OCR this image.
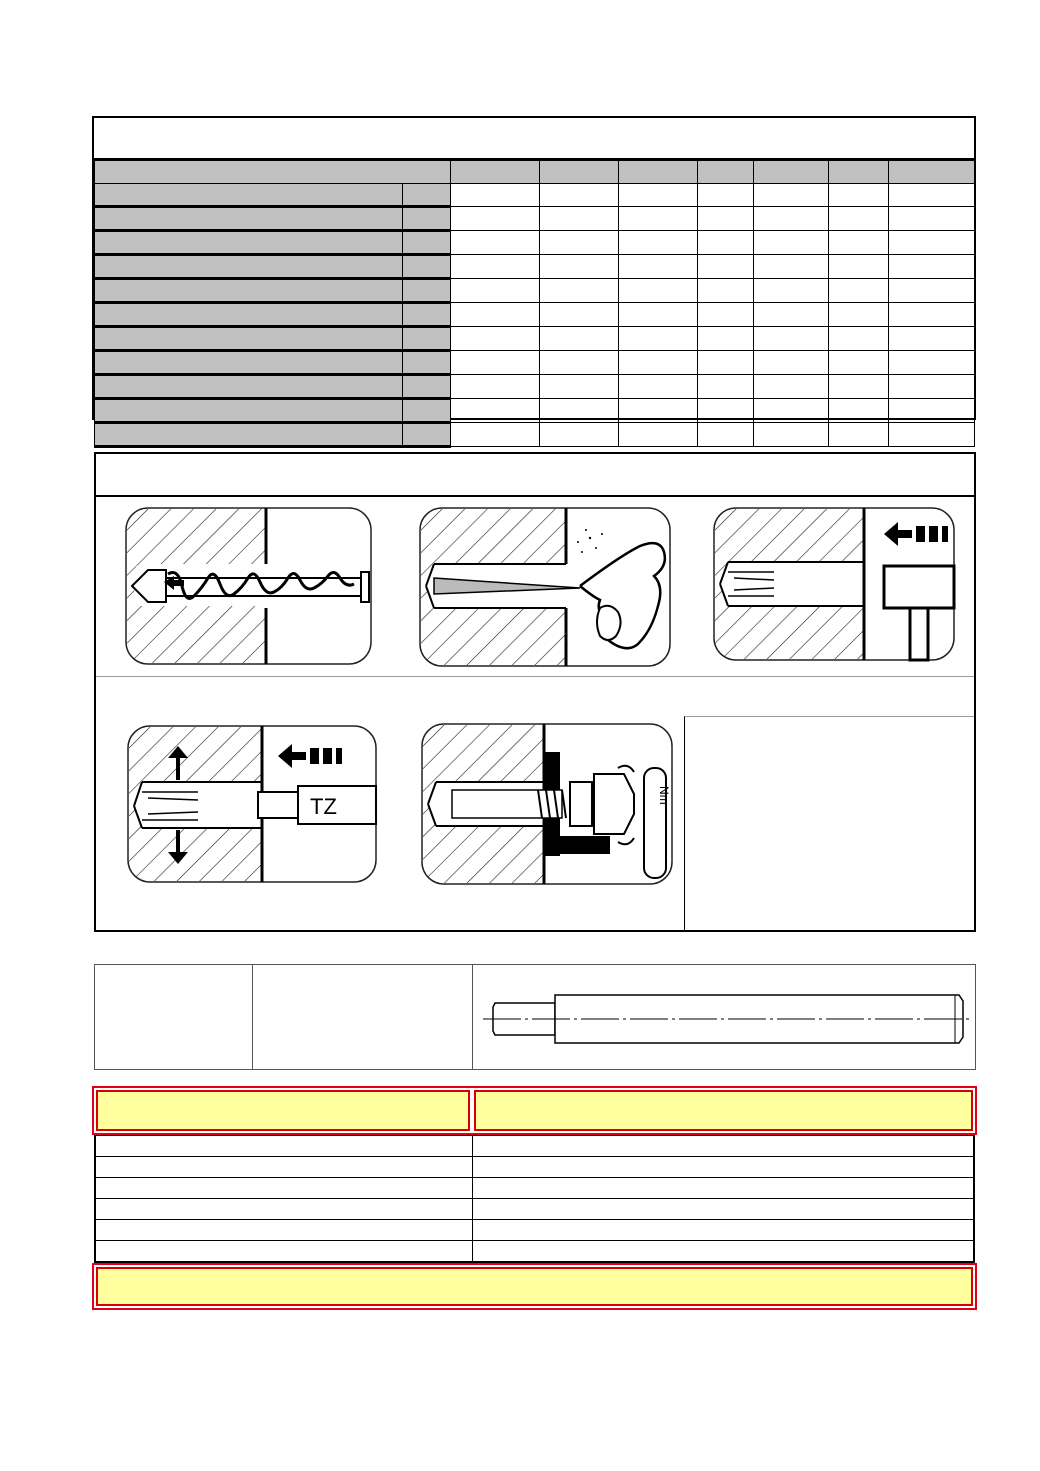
TZ	Nm
